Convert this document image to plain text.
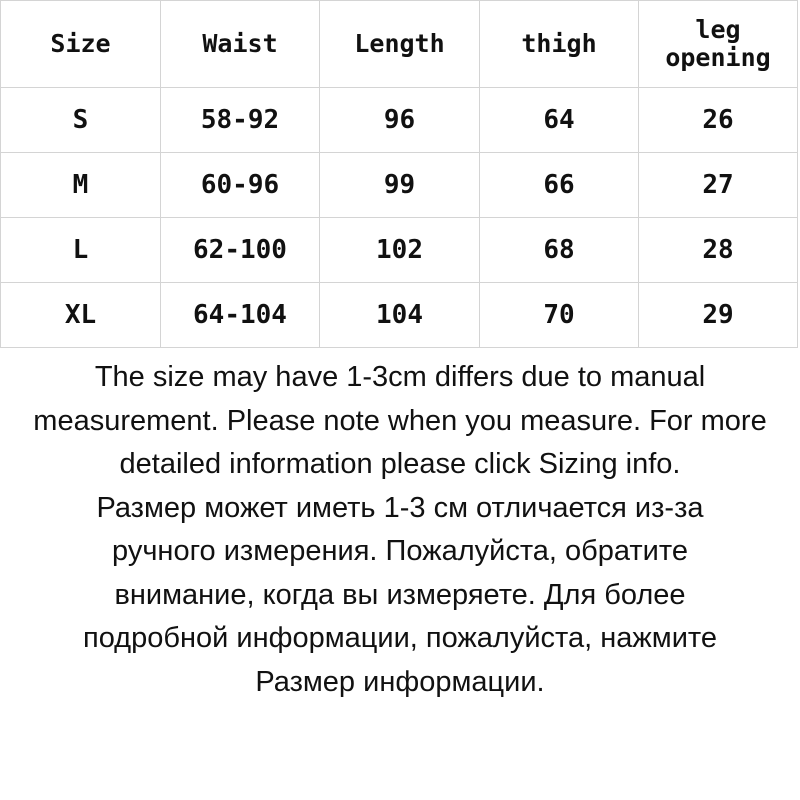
Size	Waist	Length	thigh	leg opening
S	58-92	96	64	26
M	60-96	99	66	27
L	62-100	102	68	28
XL	64-104	104	70	29

The size may have 1-3cm differs due to manual measurement. Please note when you measure. For more detailed information please click Sizing info.

Размер может иметь 1-3 см отличается из-за ручного измерения. Пожалуйста, обратите внимание, когда вы измеряете. Для более подробной информации, пожалуйста, нажмите Размер информации.
